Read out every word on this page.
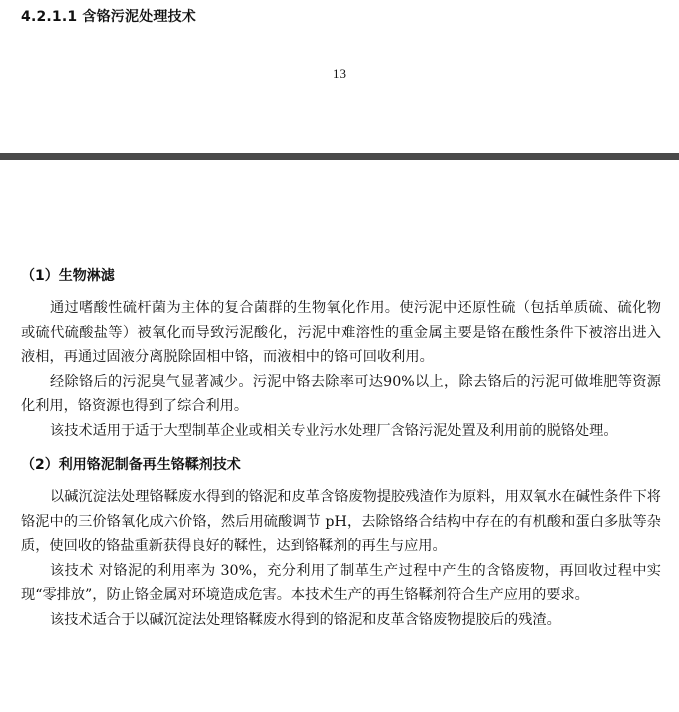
4.2.1.1 含铬污泥处理技术
13
（1）生物淋滤

通过嗜酸性硫杆菌为主体的复合菌群的生物氧化作用。使污泥中还原性硫（包括单质硫、硫化物或硫代硫酸盐等）被氧化而导致污泥酸化，污泥中难溶性的重金属主要是铬在酸性条件下被溶出进入液相，再通过固液分离脱除固相中铬，而液相中的铬可回收利用。

经除铬后的污泥臭气显著减少。污泥中铬去除率可达90%以上，除去铬后的污泥可做堆肥等资源化利用，铬资源也得到了综合利用。

该技术适用于适于大型制革企业或相关专业污水处理厂含铬污泥处置及利用前的脱铬处理。

（2）利用铬泥制备再生铬鞣剂技术

以碱沉淀法处理铬鞣废水得到的铬泥和皮革含铬废物提胶残渣作为原料，用双氧水在碱性条件下将铬泥中的三价铬氧化成六价铬，然后用硫酸调节 pH，去除铬络合结构中存在的有机酸和蛋白多肽等杂质，使回收的铬盐重新获得良好的鞣性，达到铬鞣剂的再生与应用。

该技术 对铬泥的利用率为 30%，充分利用了制革生产过程中产生的含铬废物，再回收过程中实现“零排放”，防止铬金属对环境造成危害。本技术生产的再生铬鞣剂符合生产应用的要求。

该技术适合于以碱沉淀法处理铬鞣废水得到的铬泥和皮革含铬废物提胶后的残渣。
